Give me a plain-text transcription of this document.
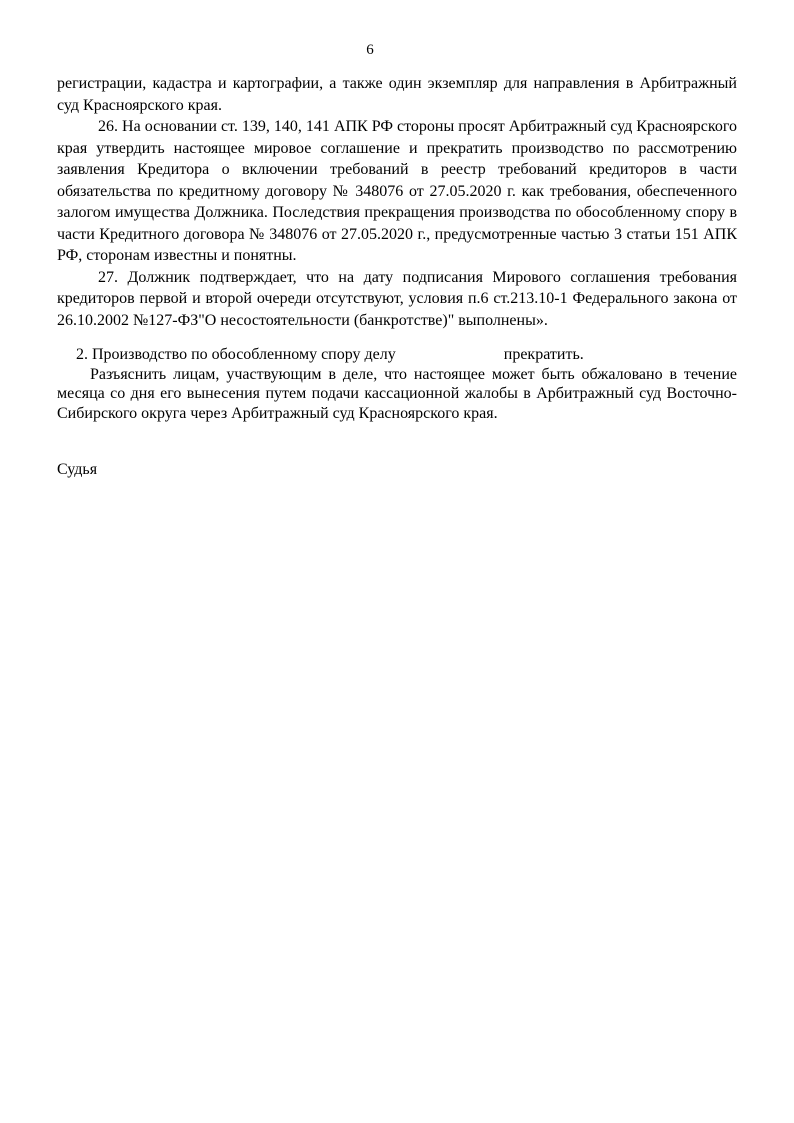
6

регистрации, кадастра и картографии, а также один экземпляр для направления в Арбитражный суд Красноярского края.

26. На основании ст. 139, 140, 141 АПК РФ стороны просят Арбитражный суд Красноярского края утвердить настоящее мировое соглашение и прекратить производство по рассмотрению заявления Кредитора о включении требований в реестр требований кредиторов в части обязательства по кредитному договору № 348076 от 27.05.2020 г. как требования, обеспеченного залогом имущества Должника. Последствия прекращения производства по обособленному спору в части Кредитного договора № 348076 от 27.05.2020 г., предусмотренные частью 3 статьи 151 АПК РФ, сторонам известны и понятны.

27. Должник подтверждает, что на дату подписания Мирового соглашения требования кредиторов первой и второй очереди отсутствуют, условия п.6 ст.213.10-1 Федерального закона от 26.10.2002 №127-ФЗ"О несостоятельности (банкротстве)" выполнены».

2. Производство по обособленному спору делу	прекратить.

Разъяснить лицам, участвующим в деле, что настоящее может быть обжаловано в течение месяца со дня его вынесения путем подачи кассационной жалобы в Арбитражный суд Восточно-Сибирского округа через Арбитражный суд Красноярского края.

Судья
